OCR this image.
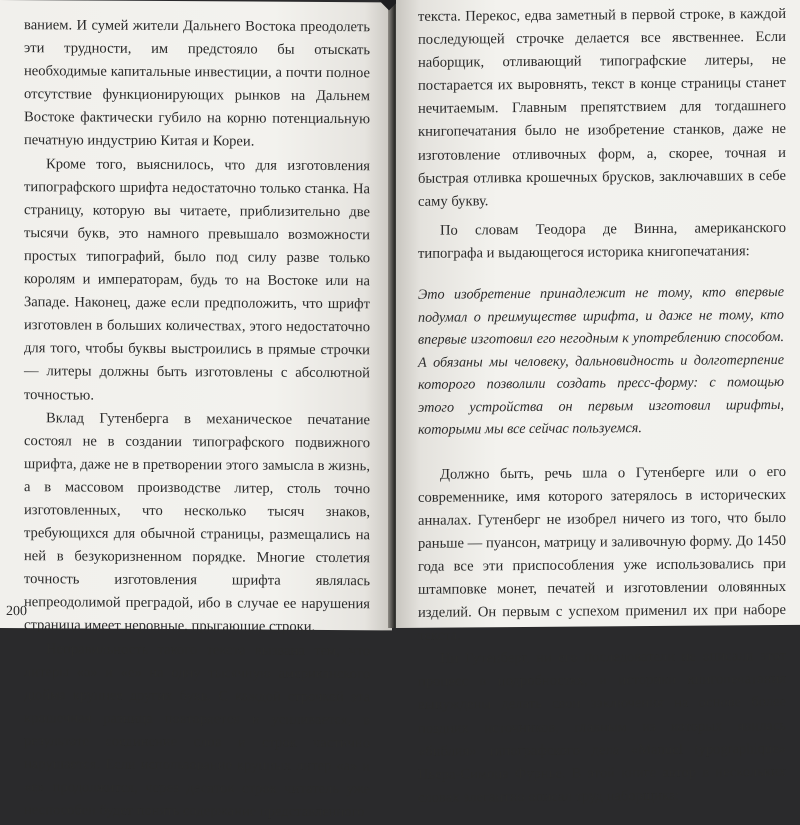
ванием. И сумей жители Дальнего Востока преодолеть эти трудности, им предстояло бы отыскать необходимые капитальные инвестиции, а почти полное отсутствие функционирующих рынков на Дальнем Востоке фактически губило на корню потенциальную печатную индустрию Китая и Кореи.

Кроме того, выяснилось, что для изготовления типографского шрифта недостаточно только станка. На страницу, которую вы читаете, приблизительно две тысячи букв, это намного превышало возможности простых типографий, было под силу разве только королям и императорам, будь то на Востоке или на Западе. Наконец, даже если предположить, что шрифт изготовлен в больших количествах, этого недостаточно для того, чтобы буквы выстроились в прямые строчки — литеры должны быть изготовлены с абсолютной точностью.

Вклад Гутенберга в механическое печатание состоял не в создании типографского подвижного шрифта, даже не в претворении этого замысла в жизнь, а в массовом производстве литер, столь точно изготовленных, что несколько тысяч знаков, требующихся для обычной страницы, размещались на ней в безукоризненном порядке. Многие столетия точность изготовления шрифта являлась непреодолимой преградой, ибо в случае ее нарушения страница имеет неровные, прыгающие строки.

Неправильность такого текста вызвана тем, что литеры «а» и «е» на одну тысячную американского дюйма крупнее других букв. С каждой строчкой эта крошечная разница повторяется и усиливается, в результате соединение слов и строк частично нарушается. Если использование крупных литер «а» и «е» продолжится, через десяток строк читатель уже неспособен будет понять содержание представленного

200

текста. Перекос, едва заметный в первой строке, в каждой последующей строчке делается все явственнее. Если наборщик, отливающий типографские литеры, не постарается их выровнять, текст в конце страницы станет нечитаемым. Главным препятствием для тогдашнего книгопечатания было не изобретение станков, даже не изготовление отливочных форм, а, скорее, точная и быстрая отливка крошечных брусков, заключавших в себе саму букву.

По словам Теодора де Винна, американского типографа и выдающегося историка книгопечатания:

Это изобретение принадлежит не тому, кто впервые подумал о преимуществе шрифта, и даже не тому, кто впервые изготовил его негодным к употреблению способом. А обязаны мы человеку, дальновидность и долготерпение которого позволили создать пресс-форму: с помощью этого устройства он первым изготовил шрифты, которыми мы все сейчас пользуемся.

Должно быть, речь шла о Гутенберге или о его современнике, имя которого затерялось в исторических анналах. Гутенберг не изобрел ничего из того, что было раньше — пуансон, матрицу и заливочную форму. До 1450 года все эти приспособления уже использовались при штамповке монет, печатей и изготовлении оловянных изделий. Он первым с успехом применил их при наборе текста.

Ни Гутенберг, ни его последователи не описали этот процесс в подробностях, и историки книгопечатания вынуждены делать свои заключения на основе более поздних источников, главным из которых явилась «библия» типографского дела «Manuel typographique» Пьера-Симона Фурнье. В этой книге автор в нескольких словах элегантно описал труд наборщика:
